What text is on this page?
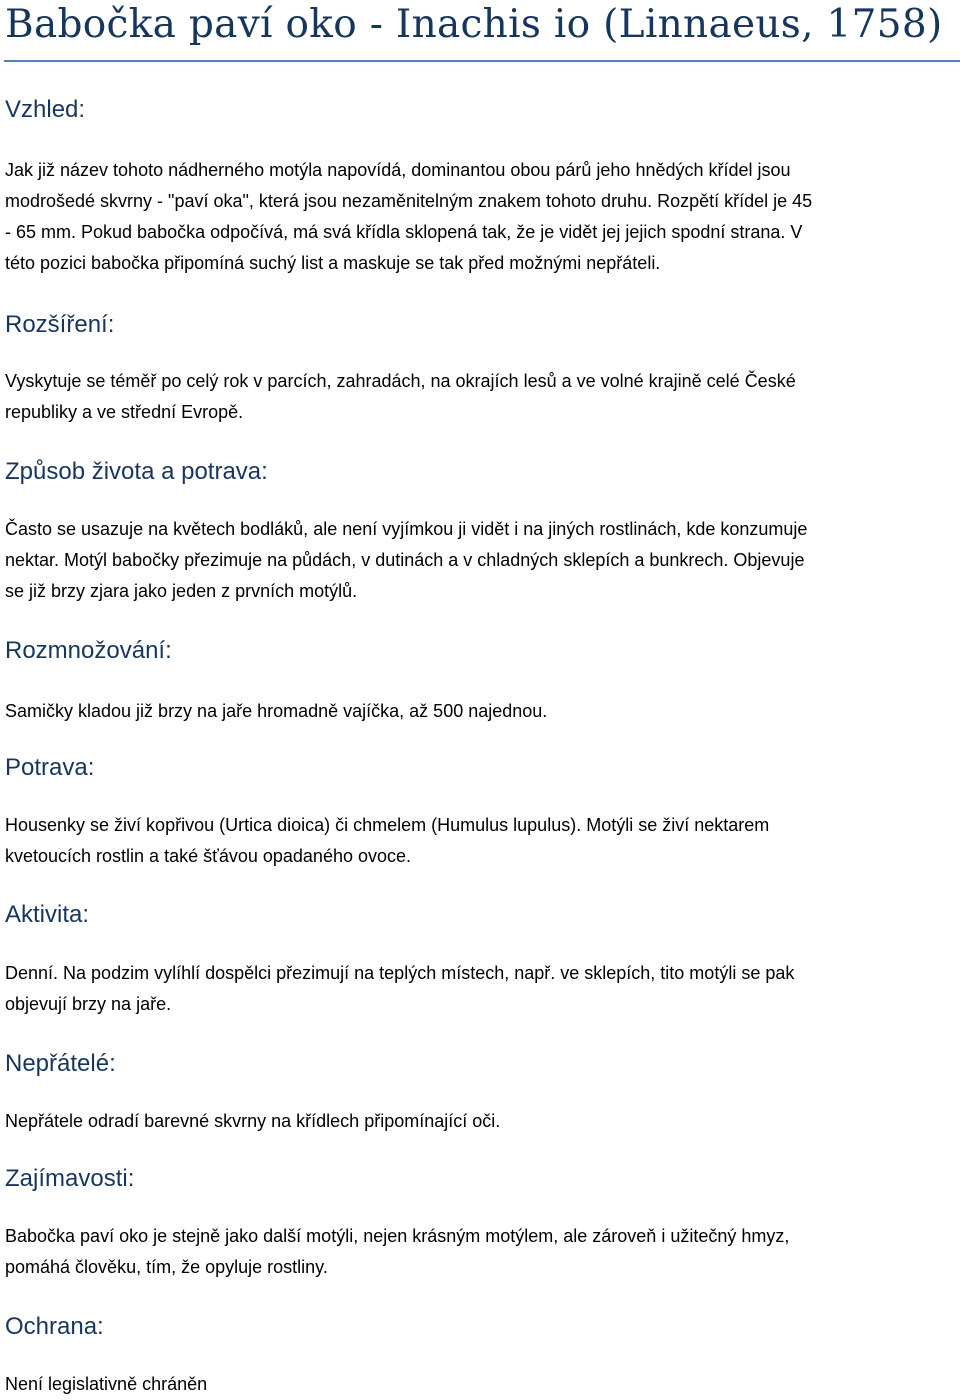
Babočka paví oko - Inachis io (Linnaeus, 1758)
Vzhled:

Jak již název tohoto nádherného motýla napovídá, dominantou obou párů jeho hnědých křídel jsou
modrošedé skvrny - "paví oka", která jsou nezaměnitelným znakem tohoto druhu. Rozpětí křídel je 45
- 65 mm. Pokud babočka odpočívá, má svá křídla sklopená tak, že je vidět jej jejich spodní strana. V
této pozici babočka připomíná suchý list a maskuje se tak před možnými nepřáteli.

Rozšíření:

Vyskytuje se téměř po celý rok v parcích, zahradách, na okrajích lesů a ve volné krajině celé České
republiky a ve střední Evropě.

Způsob života a potrava:

Často se usazuje na květech bodláků, ale není vyjímkou ji vidět i na jiných rostlinách, kde konzumuje
nektar. Motýl babočky přezimuje na půdách, v dutinách a v chladných sklepích a bunkrech. Objevuje
se již brzy zjara jako jeden z prvních motýlů.

Rozmnožování:

Samičky kladou již brzy na jaře hromadně vajíčka, až 500 najednou.

Potrava:

Housenky se živí kopřivou (Urtica dioica) či chmelem (Humulus lupulus). Motýli se živí nektarem
kvetoucích rostlin a také šťávou opadaného ovoce.

Aktivita:

Denní. Na podzim vylíhlí dospělci přezimují na teplých místech, např. ve sklepích, tito motýli se pak
objevují brzy na jaře.

Nepřátelé:

Nepřátele odradí barevné skvrny na křídlech připomínající oči.

Zajímavosti:

Babočka paví oko je stejně jako další motýli, nejen krásným motýlem, ale zároveň i užitečný hmyz,
pomáhá člověku, tím, že opyluje rostliny.

Ochrana:

Není legislativně chráněn
